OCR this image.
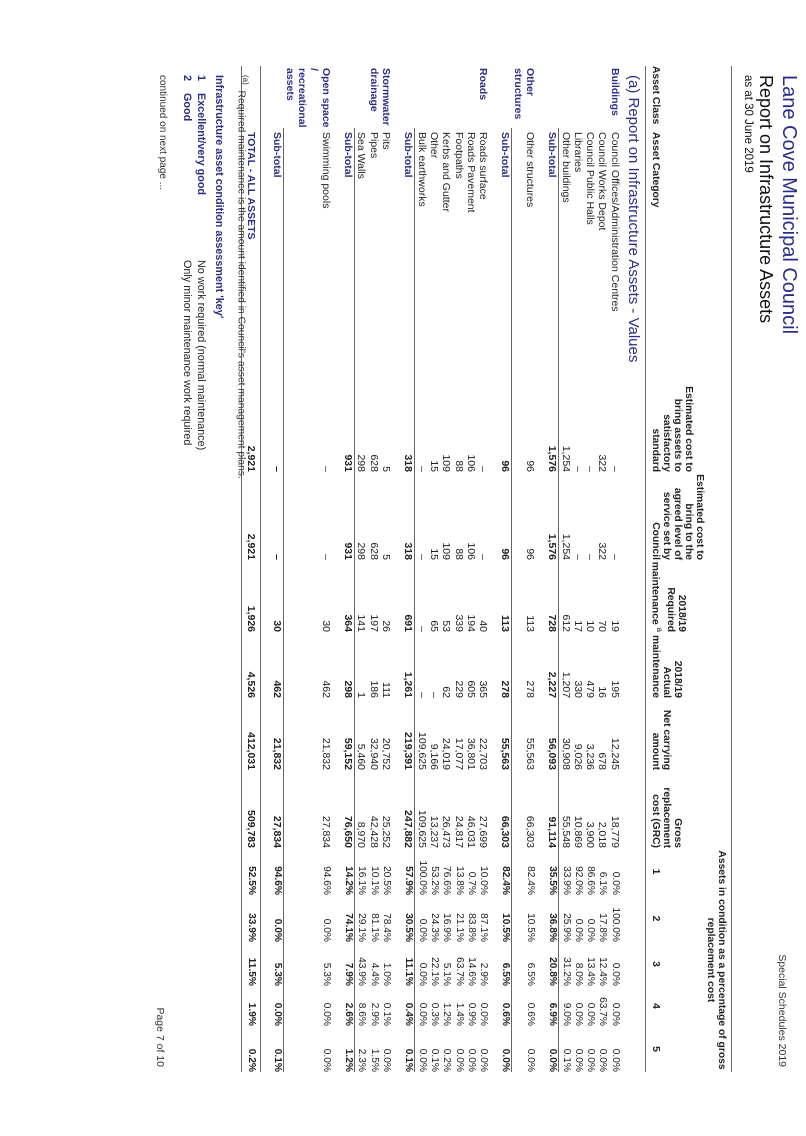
Special Schedules 2019
Lane Cove Municipal Council
Report on Infrastructure Assets
as at 30 June 2019
								Assets in condition as a percentage of gross replacement cost				
Asset Class	Asset Category	Estimated cost to bring assets to satisfactory standard	Estimated cost to bring to the agreed level of service set by Council	2018/19 Required maintenance $^a$	2018/19 Actual maintenance	Net carrying amount	Gross replacement cost (GRC)	1	2	3	4	5
(a) Report on Infrastructure Assets - Values												
Buildings	Council Offices/Administration Centres	–	–	19	195	12,245	18,779	0.0%	100.0%	0.0%	0.0%	0.0%
	Council Works Depot	322	322	70	16	678	2,018	6.1%	17.8%	12.4%	63.7%	0.0%
	Council Public Halls	–	–	10	479	3,236	3,900	86.6%	0.0%	13.4%	0.0%	0.0%
	Libraries	–	–	17	330	9,026	10,869	92.0%	0.0%	8.0%	0.0%	0.0%
	Other buildings	1,254	1,254	612	1,207	30,908	55,548	33.9%	25.9%	31.2%	9.0%	0.1%
	Sub-total	1,576	1,576	728	2,227	56,093	91,114	35.5%	36.8%	20.8%	6.9%	0.0%

Other structures	Other structures	96	96	113	278	55,563	66,303	82.4%	10.5%	6.5%	0.6%	0.0%
	Sub-total	96	96	113	278	55,563	66,303	82.4%	10.5%	6.5%	0.6%	0.0%

Roads	Roads surface	–	–	40	365	22,703	27,699	10.0%	87.1%	2.9%	0.0%	0.0%
	Roads Pavement	106	106	194	605	36,801	46,031	0.7%	83.8%	14.6%	0.9%	0.0%
	Footpaths	88	88	339	229	17,077	24,817	13.8%	21.1%	63.7%	1.4%	0.0%
	Kerbs and Gutter	109	109	53	62	24,019	26,473	76.6%	16.9%	5.1%	1.2%	0.2%
	Other	15	15	65	–	9,166	13,237	53.2%	24.3%	22.1%	0.3%	0.1%
	Bulk earthworks	–	–	–	–	109,625	109,625	100.0%	0.0%	0.0%	0.0%	0.0%
	Sub-total	318	318	691	1,261	219,391	247,882	57.9%	30.5%	11.1%	0.4%	0.1%

Stormwater drainage	Pits	5	5	26	111	20,752	25,252	20.5%	78.4%	1.0%	0.1%	0.0%
	Pipes	628	628	197	186	32,940	42,428	10.1%	81.1%	4.4%	2.9%	1.5%
	Sea Walls	298	298	141	1	5,460	8,970	16.1%	29.1%	43.9%	8.6%	2.3%
	Sub-total	931	931	364	298	59,152	76,650	14.2%	74.1%	7.9%	2.6%	1.2%

Open space / recreational assets	Swimming pools	–	–	30	462	21,832	27,834	94.6%	0.0%	5.3%	0.0%	0.0%
	Sub-total	–	–	30	462	21,832	27,834	94.6%	0.0%	5.3%	0.0%	0.1%

	TOTAL - ALL ASSETS	2,921	2,921	1,926	4,526	412,031	509,783	52.5%	33.9%	11.5%	1.9%	0.2%
$^{(a)}$  Required maintenance is the amount identified in Council's asset management plans.
Infrastructure asset condition assessment 'key'
1
Excellent/very good
No work required (normal maintenance)
2
Good
Only minor maintenance work required
continued on next page ...
Page 7 of 10
